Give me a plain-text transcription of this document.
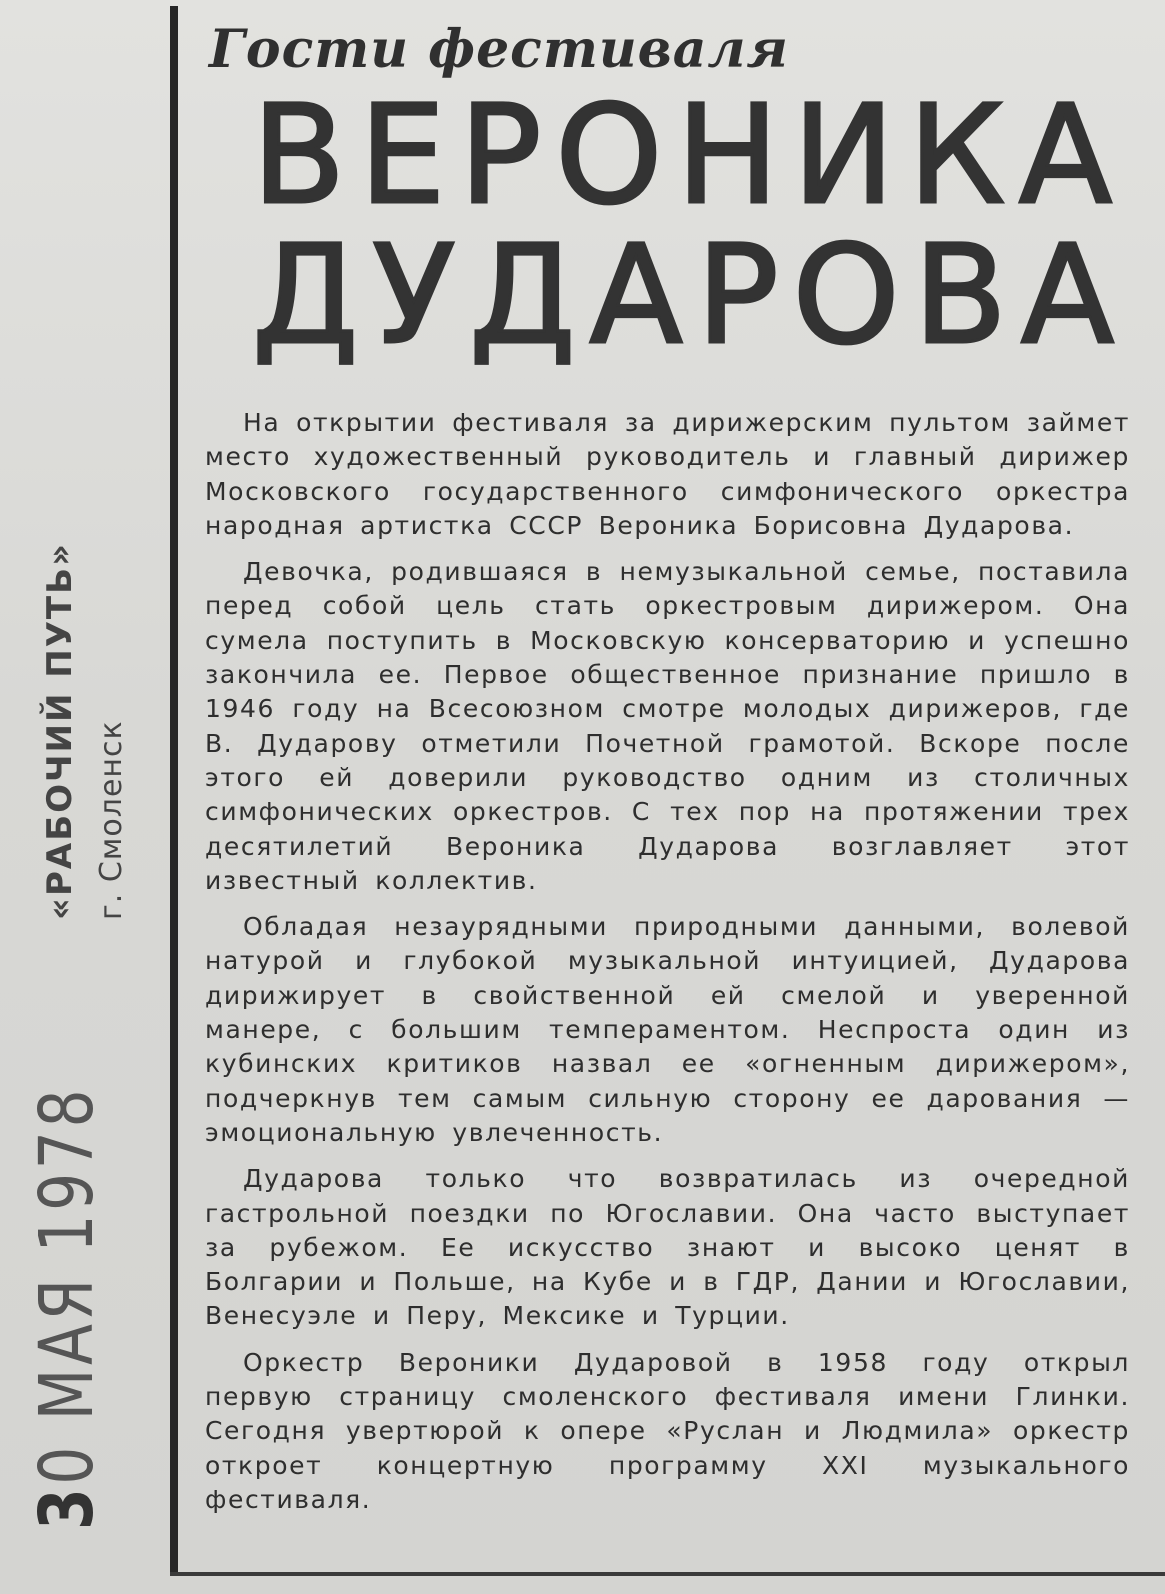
30 МАЯ 1978
«РАБОЧИЙ ПУТЬ» г. Смоленск
Гости фестиваля
ВЕРОНИКА
ДУДАРОВА

На открытии фестиваля за дирижерским пультом займет место художественный руководитель и главный дирижер Московского государственного симфонического оркестра народная артистка СССР Вероника Борисовна Дударова.

Девочка, родившаяся в немузыкальной семье, поставила перед собой цель стать оркестровым дирижером. Она сумела поступить в Московскую консерваторию и успешно закончила ее. Первое общественное признание пришло в 1946 году на Всесоюзном смотре молодых дирижеров, где В. Дударову отметили Почетной грамотой. Вскоре после этого ей доверили руководство одним из столичных симфонических оркестров. С тех пор на протяжении трех десятилетий Вероника Дударова возглавляет этот известный коллектив.

Обладая незаурядными природными данными, волевой натурой и глубокой музыкальной интуицией, Дударова дирижирует в свойственной ей смелой и уверенной манере, с большим темпераментом. Неспроста один из кубинских критиков назвал ее «огненным дирижером», подчеркнув тем самым сильную сторону ее дарования — эмоциональную увлеченность.

Дударова только что возвратилась из очередной гастрольной поездки по Югославии. Она часто выступает за рубежом. Ее искусство знают и высоко ценят в Болгарии и Польше, на Кубе и в ГДР, Дании и Югославии, Венесуэле и Перу, Мексике и Турции.

Оркестр Вероники Дударовой в 1958 году открыл первую страницу смоленского фестиваля имени Глинки. Сегодня увертюрой к опере «Руслан и Людмила» оркестр откроет концертную программу XXI музыкального фестиваля.
